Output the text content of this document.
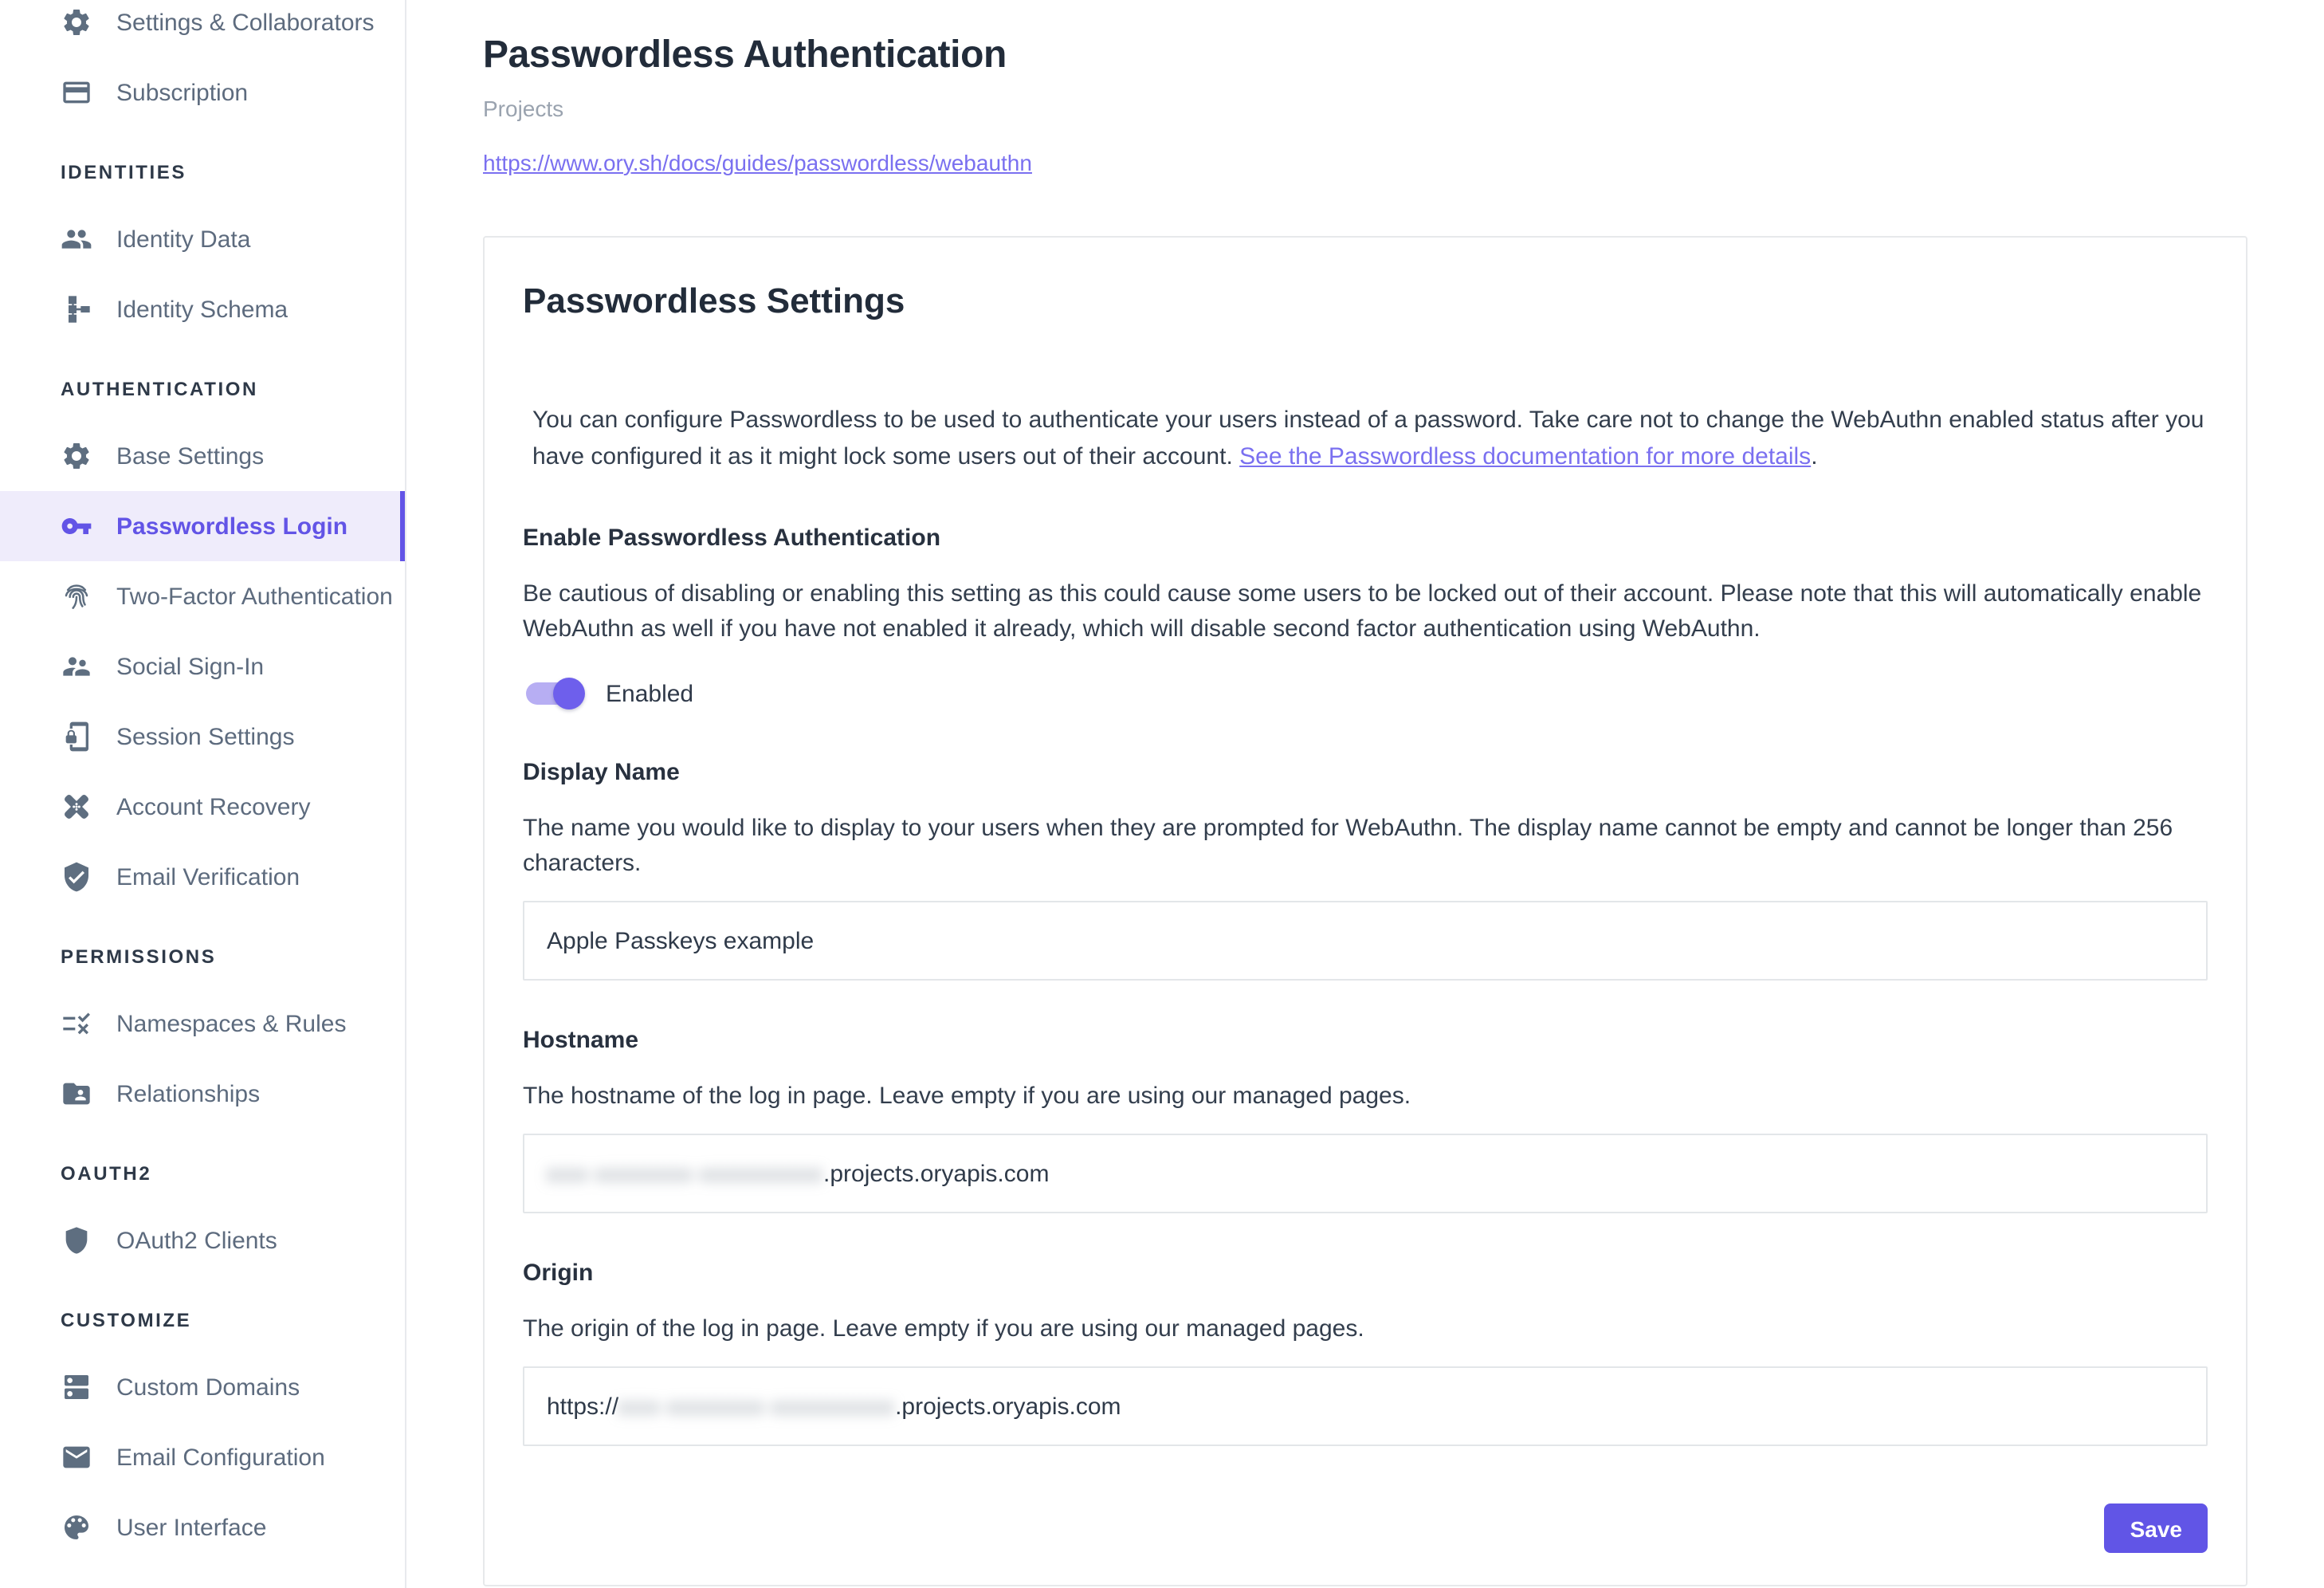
Settings & Collaborators
Subscription
IDENTITIES
Identity Data
Identity Schema
AUTHENTICATION
Base Settings
Passwordless Login
Two-Factor Authentication
Social Sign-In
Session Settings
Account Recovery
Email Verification
PERMISSIONS
Namespaces & Rules
Relationships
OAUTH2
OAuth2 Clients
CUSTOMIZE
Custom Domains
Email Configuration
User Interface
Passwordless Authentication
Projects
https://www.ory.sh/docs/guides/passwordless/webauthn
Passwordless Settings

You can configure Passwordless to be used to authenticate your users instead of a password. Take care not to change the WebAuthn enabled status after you have configured it as it might lock some users out of their account. See the Passwordless documentation for more details.

Enable Passwordless Authentication

Be cautious of disabling or enabling this setting as this could cause some users to be locked out of their account. Please note that this will automatically enable WebAuthn as well if you have not enabled it already, which will disable second factor authentication using WebAuthn.

Enabled
Display Name

The name you would like to display to your users when they are prompted for WebAuthn. The display name cannot be empty and cannot be longer than 256 characters.

Apple Passkeys example
Hostname

The hostname of the log in page. Leave empty if you are using our managed pages.

xxx-xxxxxxx-xxxxxxxxx .projects.oryapis.com
Origin

The origin of the log in page. Leave empty if you are using our managed pages.

https:// xxx-xxxxxxx-xxxxxxxxx .projects.oryapis.com
Save
